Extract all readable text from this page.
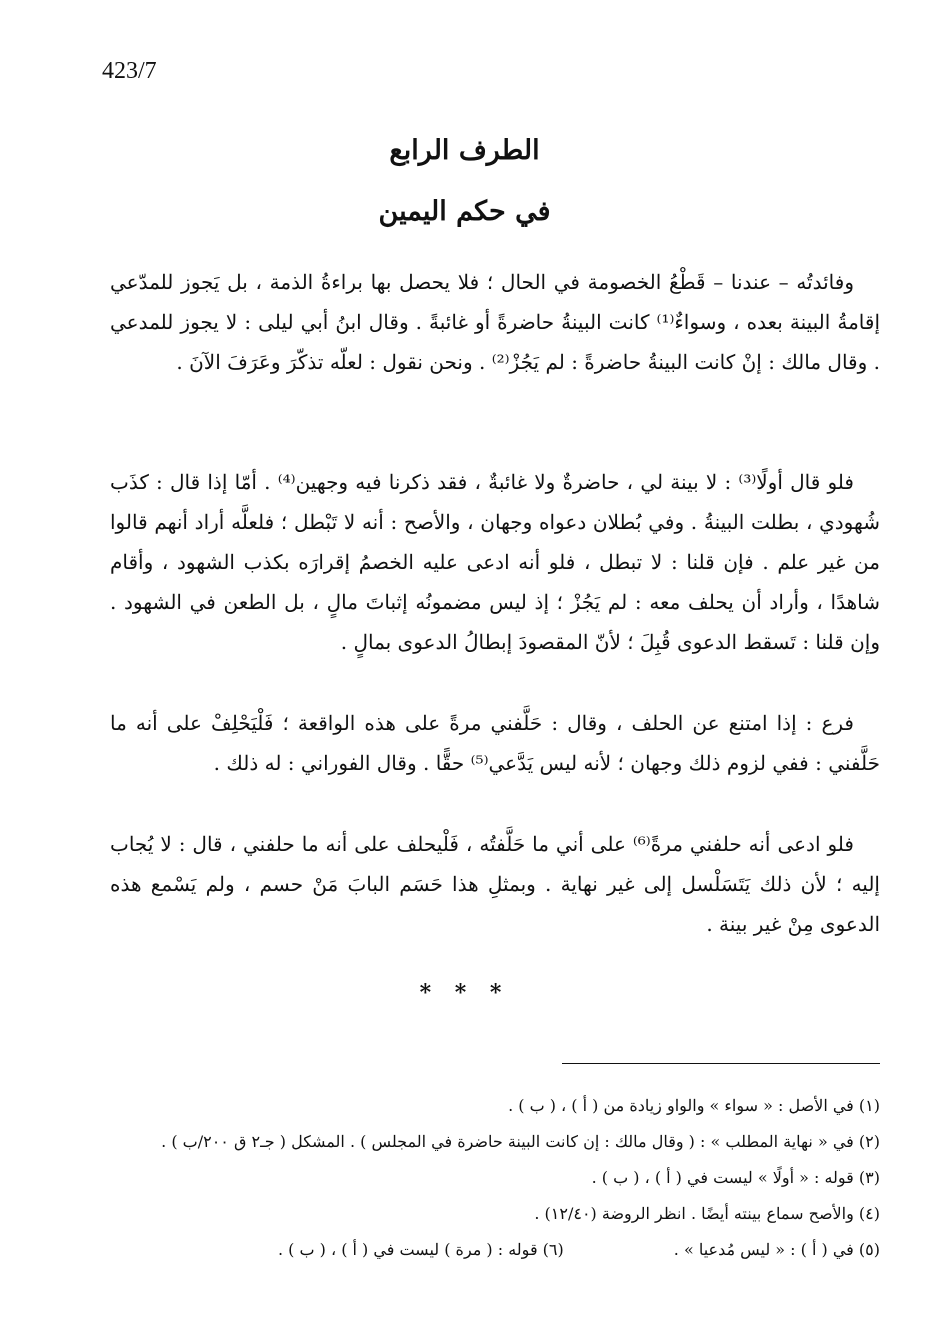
423/7
الطرف الرابع
في حكم اليمين

وفائدتُه – عندنا – قَطْعُ الخصومة في الحال ؛ فلا يحصل بها براءةُ الذمة ، بل يَجوز للمدّعي إقامةُ البينة بعده ، وسواءٌ⁽¹⁾ كانت البينةُ حاضرةً أو غائبةً . وقال ابنُ أبي ليلى : لا يجوز للمدعي . وقال مالك : إنْ كانت البينةُ حاضرةً : لم يَجُزْ⁽²⁾ . ونحن نقول : لعلّه تذكّرَ وعَرَفَ الآنَ .

فلو قال أولًا⁽³⁾ : لا بينة لي ، حاضرةٌ ولا غائبةٌ ، فقد ذكرنا فيه وجهين⁽⁴⁾ . أمّا إذا قال : كذَب شُهودي ، بطلت البينةُ . وفي بُطلان دعواه وجهان ، والأصح : أنه لا تَبْطل ؛ فلعلَّه أراد أنهم قالوا من غير علم . فإن قلنا : لا تبطل ، فلو أنه ادعى عليه الخصمُ إقرارَه بكذب الشهود ، وأقام شاهدًا ، وأراد أن يحلف معه : لم يَجُزْ ؛ إذ ليس مضمونُه إثباتَ مالٍ ، بل الطعن في الشهود . وإن قلنا : تَسقط الدعوى قُبِلَ ؛ لأنّ المقصودَ إبطالُ الدعوى بمالٍ .

فرع : إذا امتنع عن الحلف ، وقال : حَلَّفني مرةً على هذه الواقعة ؛ فَلْيَحْلِفْ على أنه ما حَلَّفني : ففي لزوم ذلك وجهان ؛ لأنه ليس يَدَّعي⁽⁵⁾ حقًّا . وقال الفوراني : له ذلك .

فلو ادعى أنه حلفني مرةً⁽⁶⁾ على أني ما حَلَّفتُه ، فَلْيحلف على أنه ما حلفني ، قال : لا يُجاب إليه ؛ لأن ذلك يَتَسَلْسل إلى غير نهاية . وبمثلِ هذا حَسَم البابَ مَنْ حسم ، ولم يَسْمع هذه الدعوى مِنْ غير بينة .

* * *
(١) في الأصل : « سواء » والواو زيادة من ( أ ) ، ( ب ) .
(٢) في « نهاية المطلب » : ( وقال مالك : إن كانت البينة حاضرة في المجلس ) . المشكل ( جـ٢ ق ٢٠٠/ب ) .
(٣) قوله : « أولًا » ليست في ( أ ) ، ( ب ) .
(٤) والأصح سماع بينته أيضًا . انظر الروضة (١٢/٤٠) .
(٥) في ( أ ) : « ليس مُدعيا » .
(٦) قوله : ( مرة ) ليست في ( أ ) ، ( ب ) .
